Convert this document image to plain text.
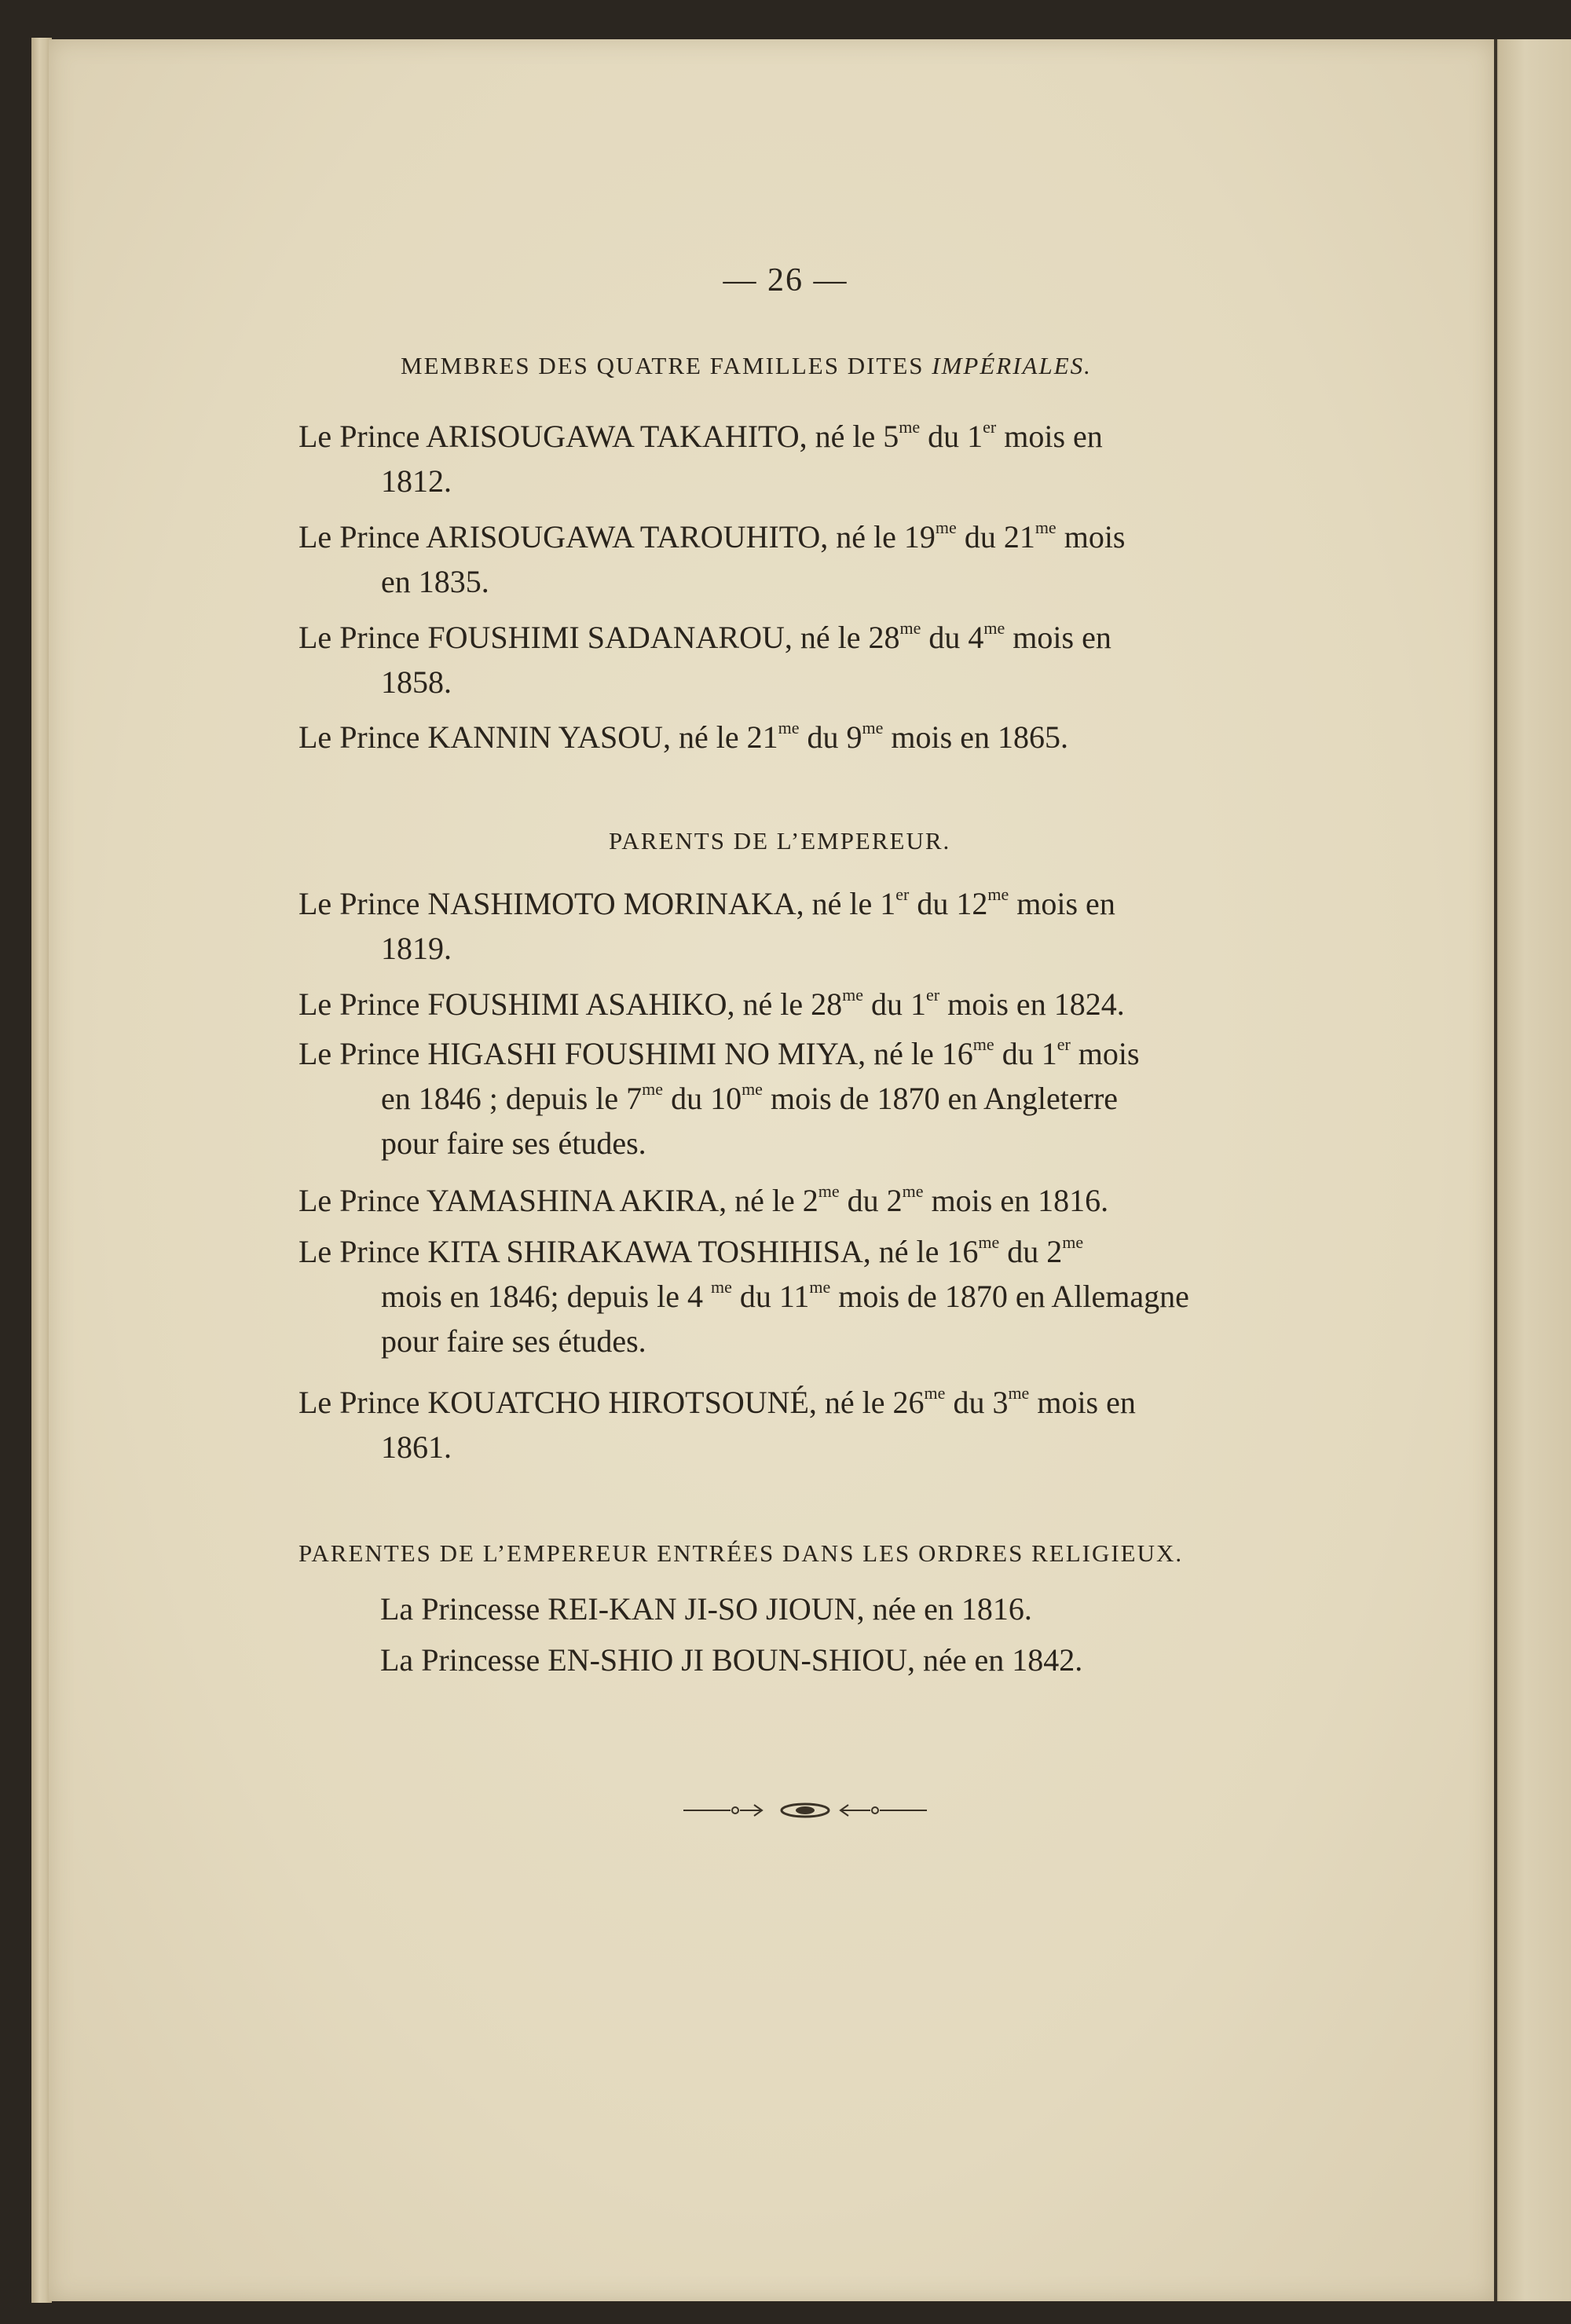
— 26 —
MEMBRES DES QUATRE FAMILLES DITES IMPÉRIALES.
Le Prince ARISOUGAWA TAKAHITO, né le $5^{me}$ du 1er mois en
1812.
Le Prince ARISOUGAWA TAROUHITO, né le $19^{me}$ du $21^{me}$ mois
en 1835.
Le Prince FOUSHIMI SADANAROU, né le $28^{me}$ du $4^{me}$ mois en
1858.
Le Prince KANNIN YASOU, né le $21^{me}$ du $9^{me}$ mois en 1865.
PARENTS DE L’EMPEREUR.
Le Prince NASHIMOTO MORINAKA, né le 1er du $12^{me}$ mois en
1819.
Le Prince FOUSHIMI ASAHIKO, né le $28^{me}$ du 1er mois en 1824.
Le Prince HIGASHI FOUSHIMI NO MIYA, né le $16^{me}$ du 1er mois
en 1846 ; depuis le $7^{me}$ du $10^{me}$ mois de 1870 en Angleterre
pour faire ses études.
Le Prince YAMASHINA AKIRA, né le $2^{me}$ du $2^{me}$ mois en 1816.
Le Prince KITA SHIRAKAWA TOSHIHISA, né le $16^{me}$ du $2^{me}$
mois en 1846; depuis le 4 $^{me}$ du $11^{me}$ mois de 1870 en Allemagne
pour faire ses études.
Le Prince KOUATCHO HIROTSOUNÉ, né le $26^{me}$ du $3^{me}$ mois en
1861.
PARENTES DE L’EMPEREUR ENTRÉES DANS LES ORDRES RELIGIEUX.
La Princesse REI-KAN JI-SO JIOUN, née en 1816.
La Princesse EN-SHIO JI BOUN-SHIOU, née en 1842.
